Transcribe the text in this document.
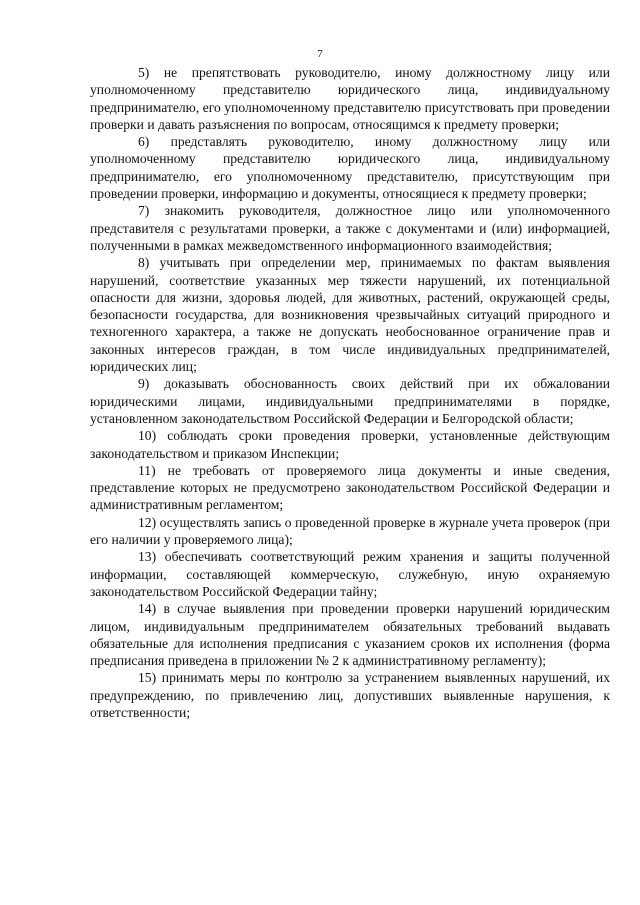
7

5) не препятствовать руководителю, иному должностному лицу или уполномоченному представителю юридического лица, индивидуальному предпринимателю, его уполномоченному представителю присутствовать при проведении проверки и давать разъяснения по вопросам, относящимся к предмету проверки;

6) представлять руководителю, иному должностному лицу или уполномоченному представителю юридического лица, индивидуальному предпринимателю, его уполномоченному представителю, присутствующим при проведении проверки, информацию и документы, относящиеся к предмету проверки;

7) знакомить руководителя, должностное лицо или уполномоченного представителя с результатами проверки, а также с документами и (или) информацией, полученными в рамках межведомственного информационного взаимодействия;

8) учитывать при определении мер, принимаемых по фактам выявления нарушений, соответствие указанных мер тяжести нарушений, их потенциальной опасности для жизни, здоровья людей, для животных, растений, окружающей среды, безопасности государства, для возникновения чрезвычайных ситуаций природного и техногенного характера, а также не допускать необоснованное ограничение прав и законных интересов граждан, в том числе индивидуальных предпринимателей, юридических лиц;

9) доказывать обоснованность своих действий при их обжаловании юридическими лицами, индивидуальными предпринимателями в порядке, установленном законодательством Российской Федерации и Белгородской области;

10) соблюдать сроки проведения проверки, установленные действующим законодательством и приказом Инспекции;

11) не требовать от проверяемого лица документы и иные сведения, представление которых не предусмотрено законодательством Российской Федерации и административным регламентом;

12) осуществлять запись о проведенной проверке в журнале учета проверок (при его наличии у проверяемого лица);

13) обеспечивать соответствующий режим хранения и защиты полученной информации, составляющей коммерческую, служебную, иную охраняемую законодательством Российской Федерации тайну;

14) в случае выявления при проведении проверки нарушений юридическим лицом, индивидуальным предпринимателем обязательных требований выдавать обязательные для исполнения предписания с указанием сроков их исполнения (форма предписания приведена в приложении № 2 к административному регламенту);

15) принимать меры по контролю за устранением выявленных нарушений, их предупреждению, по привлечению лиц, допустивших выявленные нарушения, к ответственности;
